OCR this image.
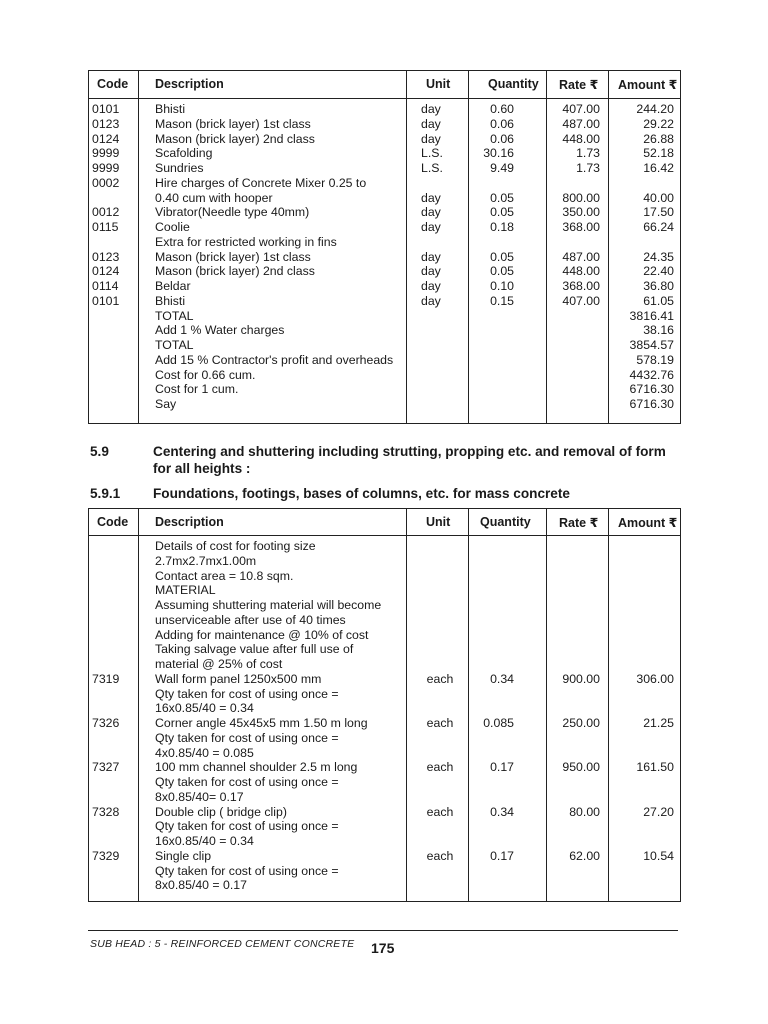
Code Description	Unit	Quantity Rate ₹ Amount ₹
0101	Bhisti	day	0.60	407.00	244.20
0123	Mason (brick layer) 1st class	day	0.06	487.00	29.22
0124	Mason (brick layer) 2nd class	day	0.06	448.00	26.88
9999	Scafolding	L.S.	30.16	1.73	52.18
9999	Sundries	L.S.	9.49	1.73	16.42
0002	Hire charges of Concrete Mixer 0.25 to
0.40 cum with hooper	day	0.05	800.00	40.00
0012	Vibrator(Needle type 40mm)	day	0.05	350.00	17.50
0115	Coolie	day	0.18	368.00	66.24
Extra for restricted working in fins
0123	Mason (brick layer) 1st class	day	0.05	487.00	24.35
0124	Mason (brick layer) 2nd class	day	0.05	448.00	22.40
0114	Beldar	day	0.10	368.00	36.80
0101	Bhisti	day	0.15	407.00	61.05
TOTAL	3816.41
Add 1 % Water charges	38.16
TOTAL	3854.57
Add 15 % Contractor's profit and overheads	578.19
Cost for 0.66 cum.	4432.76
Cost for 1 cum.	6716.30
Say	6716.30
5.9	Centering and shuttering including strutting, propping etc. and removal of form
for all heights :
5.9.1 Foundations, footings, bases of columns, etc. for mass concrete
Code Description	Unit Quantity Rate ₹ Amount ₹
Details of cost for footing size
2.7mx2.7mx1.00m
Contact area = 10.8 sqm.
MATERIAL
Assuming shuttering material will become
unserviceable after use of 40 times
Adding for maintenance @ 10% of cost
Taking salvage value after full use of
material @ 25% of cost
7319	Wall form panel 1250x500 mm	each	0.34	900.00	306.00
Qty taken for cost of using once =
16x0.85/40 = 0.34
7326	Corner angle 45x45x5 mm 1.50 m long	each	0.085	250.00	21.25
Qty taken for cost of using once =
4x0.85/40 = 0.085
7327	100 mm channel shoulder 2.5 m long	each	0.17	950.00	161.50
Qty taken for cost of using once =
8x0.85/40= 0.17
7328	Double clip ( bridge clip)	each	0.34	80.00	27.20
Qty taken for cost of using once =
16x0.85/40 = 0.34
7329	Single clip	each	0.17	62.00	10.54
Qty taken for cost of using once =
8x0.85/40 = 0.17
SUB HEAD : 5 - REINFORCED CEMENT CONCRETE 175
